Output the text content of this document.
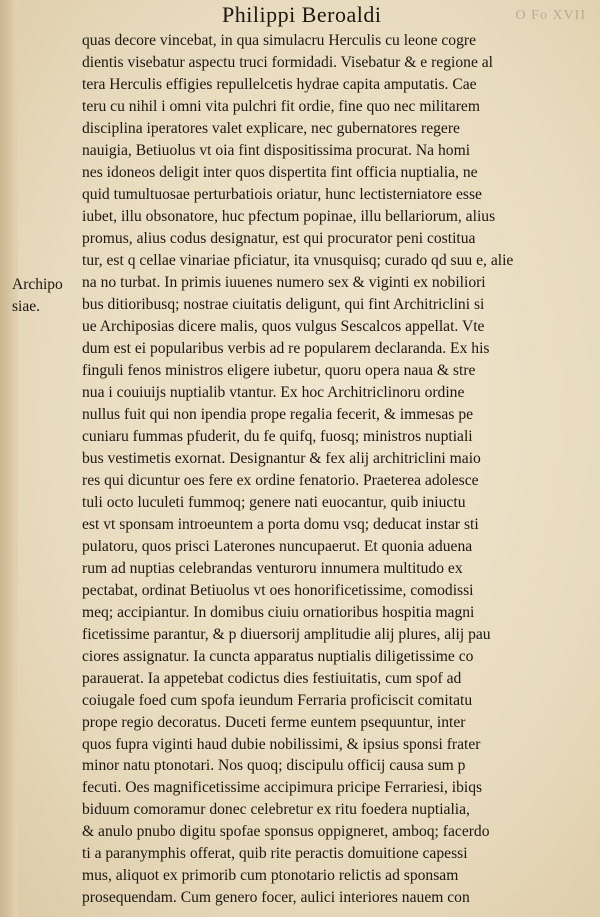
O Fo XVII
Philippi Beroaldi
Archipo
siae.
quas decore vincebat, in qua simulacru Herculis cu leone cogre
dientis visebatur aspectu truci formidadi. Visebatur & e regione al
tera Herculis effigies repullelcetis hydrae capita amputatis. Cae
teru cu nihil i omni vita pulchri fit ordie, fine quo nec militarem
disciplina iperatores valet explicare, nec gubernatores regere
nauigia, Betiuolus vt oia fint dispositissima procurat. Na homi
nes idoneos deligit inter quos dispertita fint officia nuptialia, ne
quid tumultuosae perturbatiois oriatur, hunc lectisterniatore esse
iubet, illu obsonatore, huc pfectum popinae, illu bellariorum, alius
promus, alius codus designatur, est qui procurator peni costitua
tur, est q cellae vinariae pficiatur, ita vnusquisq; curado qd suu e, alie
na no turbat. In primis iuuenes numero sex & viginti ex nobiliori
bus ditioribusq; nostrae ciuitatis deligunt, qui fint Architriclini si
ue Archiposias dicere malis, quos vulgus Sescalcos appellat. Vte
dum est ei popularibus verbis ad re popularem declaranda. Ex his
finguli fenos ministros eligere iubetur, quoru opera naua & stre
nua i couiuijs nuptialib vtantur. Ex hoc Architriclinoru ordine
nullus fuit qui non ipendia prope regalia fecerit, & immesas pe
cuniaru fummas pfuderit, du fe quifq, fuosq; ministros nuptiali
bus vestimetis exornat. Designantur & fex alij architriclini maio
res qui dicuntur oes fere ex ordine fenatorio. Praeterea adolesce
tuli octo luculeti fummoq; genere nati euocantur, quib iniuctu
est vt sponsam introeuntem a porta domu vsq; deducat instar sti
pulatoru, quos prisci Laterones nuncupaerut. Et quonia aduena
rum ad nuptias celebrandas venturoru innumera multitudo ex
pectabat, ordinat Betiuolus vt oes honorificetissime, comodissi
meq; accipiantur. In domibus ciuiu ornatioribus hospitia magni
ficetissime parantur, & p diuersorij amplitudie alij plures, alij pau
ciores assignatur. Ia cuncta apparatus nuptialis diligetissime co
parauerat. Ia appetebat codictus dies festiuitatis, cum spof ad
coiugale foed cum spofa ieundum Ferraria proficiscit comitatu
prope regio decoratus. Duceti ferme euntem psequuntur, inter
quos fupra viginti haud dubie nobilissimi, & ipsius sponsi frater
minor natu ptonotari. Nos quoq; discipulu officij causa sum p
fecuti. Oes magnificetissime accipimura pricipe Ferrariesi, ibiqs
biduum comoramur donec celebretur ex ritu foedera nuptialia,
& anulo pnubo digitu spofae sponsus oppigneret, amboq; facerdo
ti a paranymphis offerat, quib rite peractis domuitione capessi
mus, aliquot ex primorib cum ptonotario relictis ad sponsam
prosequendam. Cum genero focer, aulici interiores nauem con
